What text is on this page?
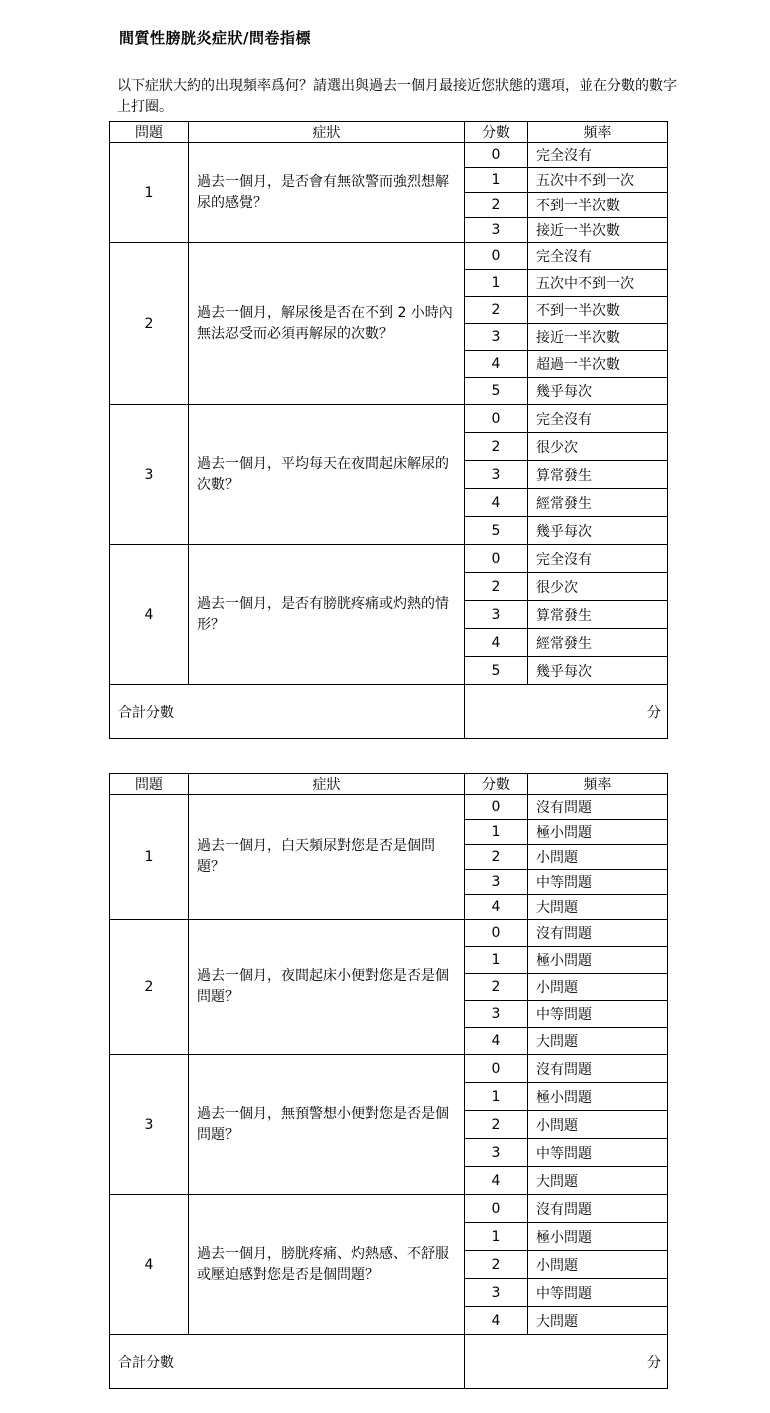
間質性膀胱炎症狀/問卷指標
以下症狀大約的出現頻率爲何？請選出與過去一個月最接近您狀態的選項，並在分數的數字上打圈。
問題	症狀	分數	頻率
1	過去一個月，是否會有無欲警而強烈想解尿的感覺？	0	完全沒有
		1	五次中不到一次
		2	不到一半次數
		3	接近一半次數
2	過去一個月，解尿後是否在不到 2 小時內無法忍受而必須再解尿的次數？	0	完全沒有
		1	五次中不到一次
		2	不到一半次數
		3	接近一半次數
		4	超過一半次數
		5	幾乎每次
3	過去一個月，平均每天在夜間起床解尿的次數？	0	完全沒有
		2	很少次
		3	算常發生
		4	經常發生
		5	幾乎每次
4	過去一個月，是否有膀胱疼痛或灼熱的情形？	0	完全沒有
		2	很少次
		3	算常發生
		4	經常發生
		5	幾乎每次
合計分數		分	
問題	症狀	分數	頻率
1	過去一個月，白天頻尿對您是否是個問題？	0	沒有問題
		1	極小問題
		2	小問題
		3	中等問題
		4	大問題
2	過去一個月，夜間起床小便對您是否是個問題？	0	沒有問題
		1	極小問題
		2	小問題
		3	中等問題
		4	大問題
3	過去一個月，無預警想小便對您是否是個問題？	0	沒有問題
		1	極小問題
		2	小問題
		3	中等問題
		4	大問題
4	過去一個月，膀胱疼痛、灼熱感、不舒服或壓迫感對您是否是個問題？	0	沒有問題
		1	極小問題
		2	小問題
		3	中等問題
		4	大問題
合計分數		分	
